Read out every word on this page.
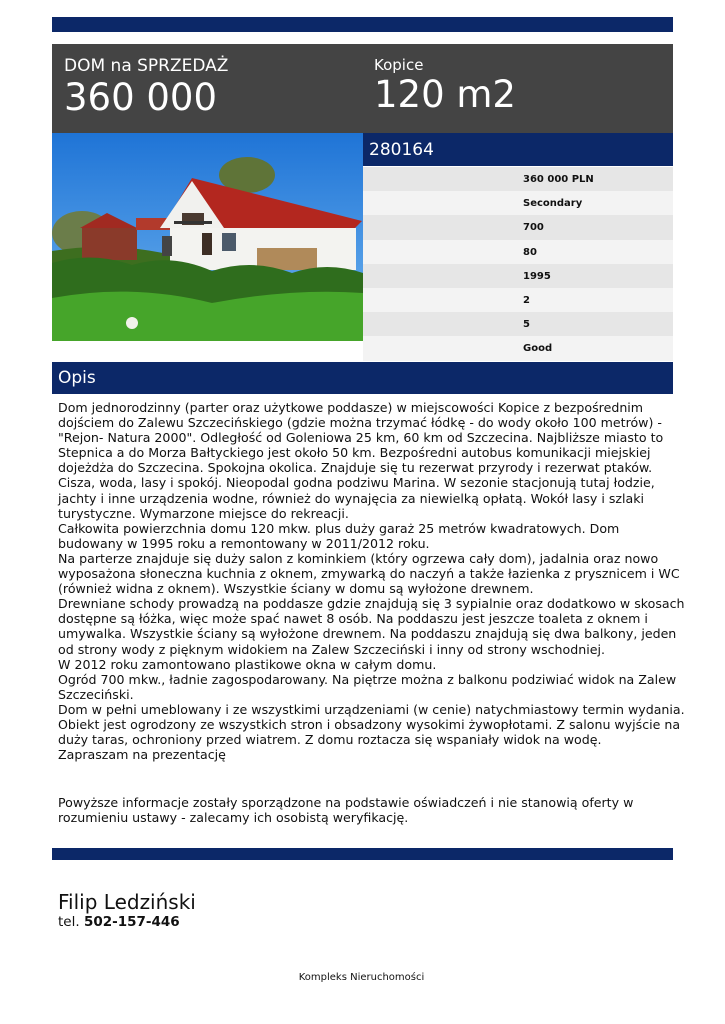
DOM na SPRZEDAŻ
360 000
Kopice
120 m2
280164
360 000 PLN
Secondary
700
80
1995
2
5
Good
Opis

Dom jednorodzinny (parter oraz użytkowe poddasze) w miejscowości Kopice z bezpośrednim

dojściem do Zalewu Szczecińskiego (gdzie można trzymać łódkę - do wody około 100 metrów) -

"Rejon- Natura 2000". Odległość od Goleniowa 25 km, 60 km od Szczecina. Najbliższe miasto to

Stepnica a do Morza Bałtyckiego jest około 50 km. Bezpośredni autobus komunikacji miejskiej

dojeżdża do Szczecina. Spokojna okolica. Znajduje się tu rezerwat przyrody i rezerwat ptaków.

Cisza, woda, lasy i spokój. Nieopodal godna podziwu Marina. W sezonie stacjonują tutaj łodzie,

jachty i inne urządzenia wodne, również do wynajęcia za niewielką opłatą. Wokół lasy i szlaki

turystyczne. Wymarzone miejsce do rekreacji.

Całkowita powierzchnia domu 120 mkw. plus duży garaż 25 metrów kwadratowych. Dom

budowany w 1995 roku a remontowany w 2011/2012 roku.

Na parterze znajduje się duży salon z kominkiem (który ogrzewa cały dom), jadalnia oraz nowo

wyposażona słoneczna kuchnia z oknem, zmywarką do naczyń a także łazienka z prysznicem i WC

(również widna z oknem). Wszystkie ściany w domu są wyłożone drewnem.

Drewniane schody prowadzą na poddasze gdzie znajdują się 3 sypialnie oraz dodatkowo w skosach

dostępne są łóżka, więc może spać nawet 8 osób. Na poddaszu jest jeszcze toaleta z oknem i

umywalka. Wszystkie ściany są wyłożone drewnem. Na poddaszu znajdują się dwa balkony, jeden

od strony wody z pięknym widokiem na Zalew Szczeciński i inny od strony wschodniej.

W 2012 roku zamontowano plastikowe okna w całym domu.

Ogród 700 mkw., ładnie zagospodarowany. Na piętrze można z balkonu podziwiać widok na Zalew

Szczeciński.

Dom w pełni umeblowany i ze wszystkimi urządzeniami (w cenie) natychmiastowy termin wydania.

Obiekt jest ogrodzony ze wszystkich stron i obsadzony wysokimi żywopłotami. Z salonu wyjście na

duży taras, ochroniony przed wiatrem. Z domu roztacza się wspaniały widok na wodę.

Zapraszam na prezentację

Powyższe informacje zostały sporządzone na podstawie oświadczeń i nie stanowią oferty w

rozumieniu ustawy - zalecamy ich osobistą weryfikację.

Filip Ledziński
tel. 502-157-446
Kompleks Nieruchomości
